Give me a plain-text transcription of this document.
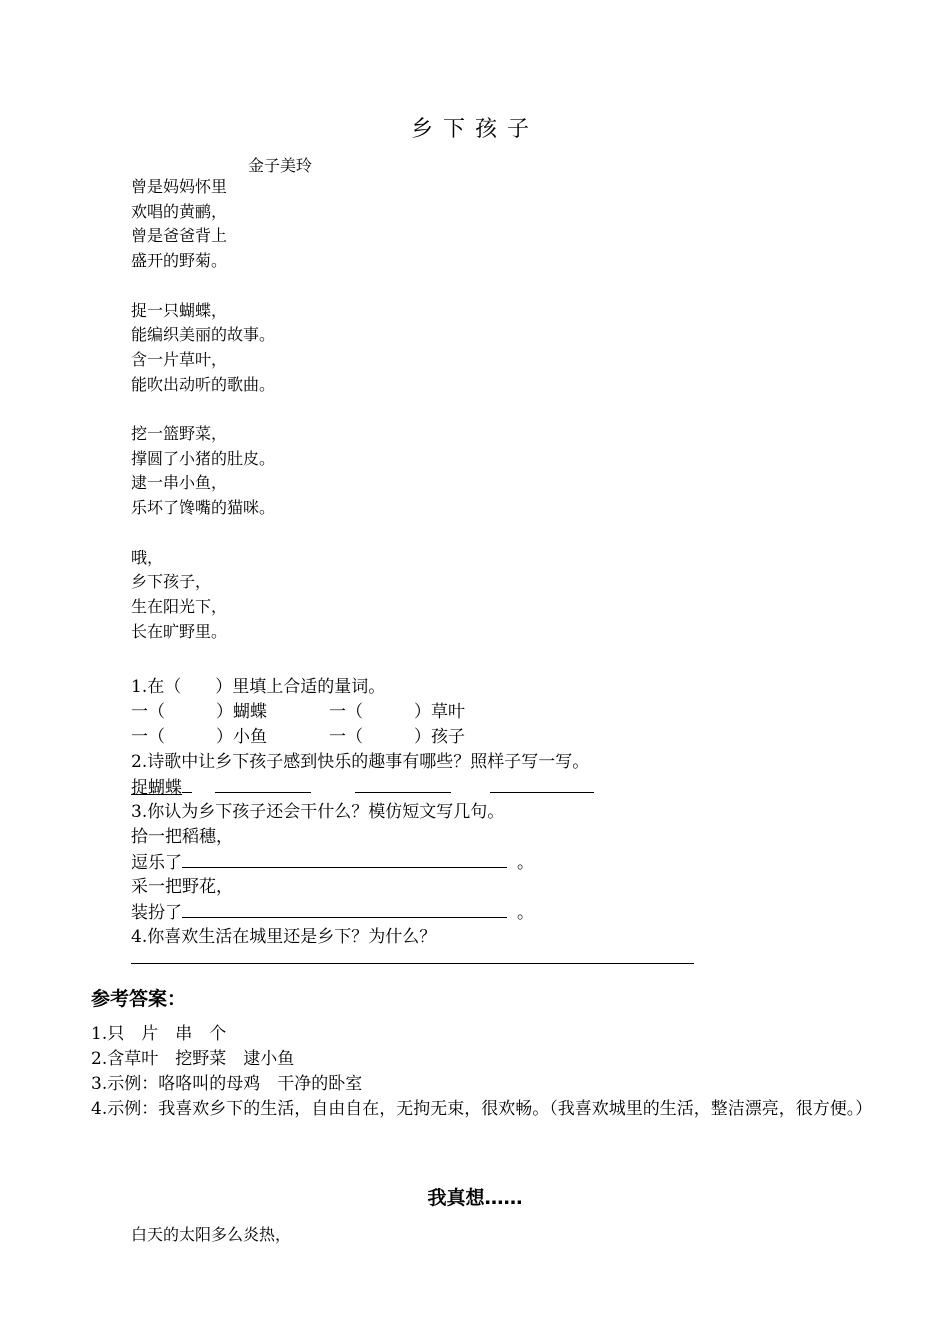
乡下孩子
金子美玲
曾是妈妈怀里
欢唱的黄鹂，
曾是爸爸背上
盛开的野菊。
捉一只蝴蝶，
能编织美丽的故事。
含一片草叶，
能吹出动听的歌曲。
挖一篮野菜，
撑圆了小猪的肚皮。
逮一串小鱼，
乐坏了馋嘴的猫咪。
哦，
乡下孩子，
生在阳光下，
长在旷野里。
1.在（　　）里填上合适的量词。
一（　　　）蝴蝶	一（　　　）草叶
一（　　　）小鱼	一（　　　）孩子
2.诗歌中让乡下孩子感到快乐的趣事有哪些？照样子写一写。
捉蝴蝶
3.你认为乡下孩子还会干什么？模仿短文写几句。
拾一把稻穗，
逗乐了	。
采一把野花，
装扮了	。
4.你喜欢生活在城里还是乡下？为什么？
参考答案：
1.只　片　串　个
2.含草叶　挖野菜　逮小鱼
3.示例：咯咯叫的母鸡　干净的卧室
4.示例：我喜欢乡下的生活，自由自在，无拘无束，很欢畅。（我喜欢城里的生活，整洁漂亮，很方便。）
我真想……
白天的太阳多么炎热，
